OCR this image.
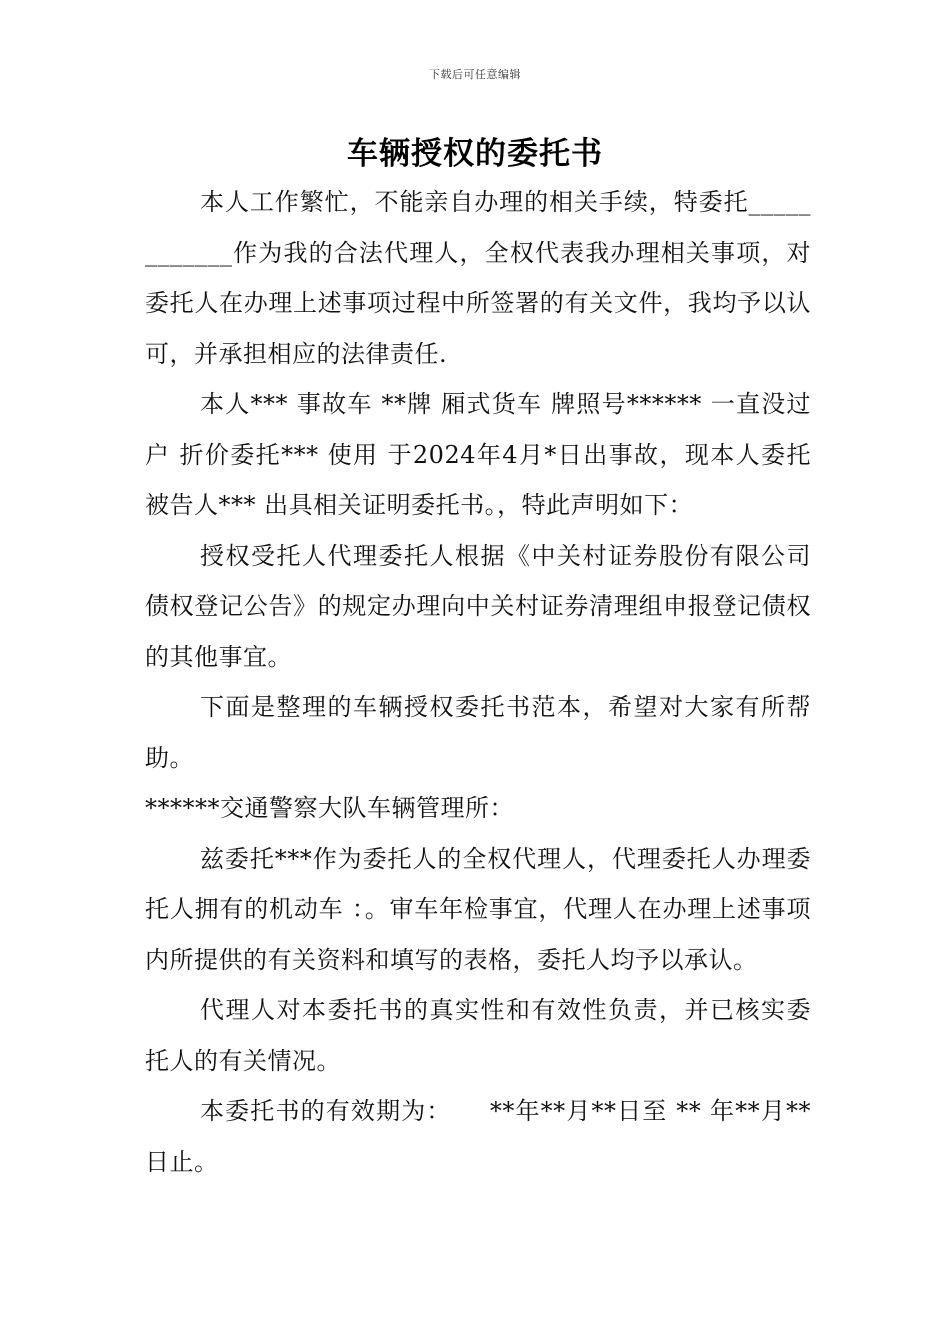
下载后可任意编辑
车辆授权的委托书

本人工作繁忙，不能亲自办理的相关手续，特委托____________作为我的合法代理人，全权代表我办理相关事项，对委托人在办理上述事项过程中所签署的有关文件，我均予以认可，并承担相应的法律责任.

本人*** 事故车 **牌 厢式货车 牌照号****** 一直没过户 折价委托*** 使用 于2024年4月*日出事故，现本人委托被告人*** 出具相关证明委托书。，特此声明如下：

授权受托人代理委托人根据《中关村证券股份有限公司债权登记公告》的规定办理向中关村证券清理组申报登记债权的其他事宜。

下面是整理的车辆授权委托书范本，希望对大家有所帮助。

******交通警察大队车辆管理所：

兹委托***作为委托人的全权代理人，代理委托人办理委托人拥有的机动车 ：。审车年检事宜，代理人在办理上述事项内所提供的有关资料和填写的表格，委托人均予以承认。

代理人对本委托书的真实性和有效性负责，并已核实委托人的有关情况。

本委托书的有效期为：　　**年**月**日至 ** 年**月**日止。
